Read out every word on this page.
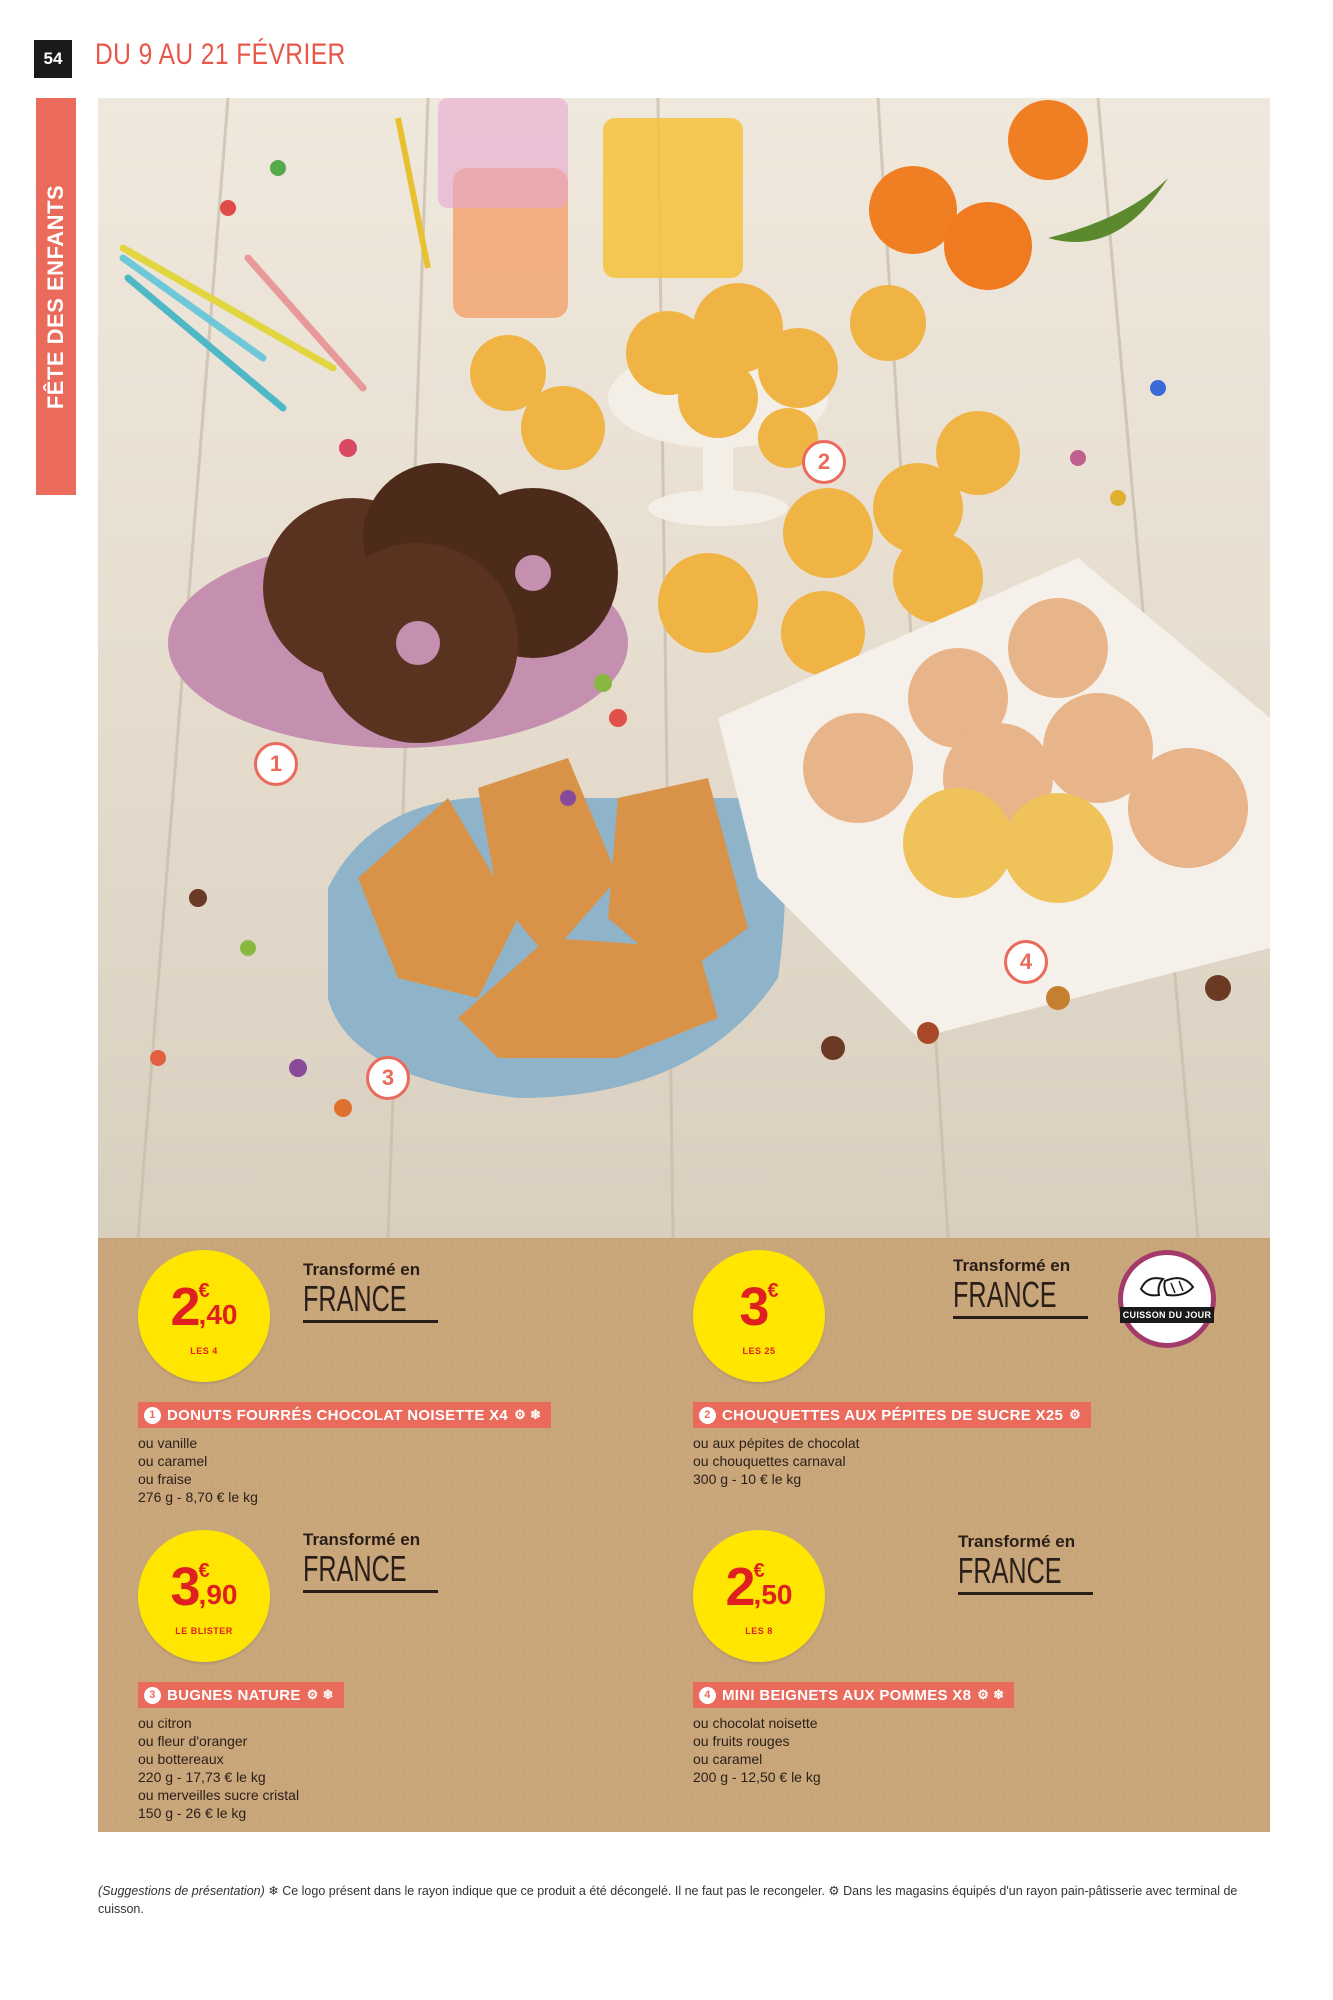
54	DU 9 AU 21 FÉVRIER
FÊTE DES ENFANTS
1
2
3
4
2 €
,40
LES 4
Transformé en
FRANCE
1 DONUTS FOURRÉS CHOCOLAT NOISETTE X4 ⚙ ❄
ou vanille
ou caramel
ou fraise
276 g - 8,70 € le kg
3 €
LES 25
Transformé en
FRANCE
2 CHOUQUETTES AUX PÉPITES DE SUCRE X25 ⚙
ou aux pépites de chocolat
ou chouquettes carnaval
300 g - 10 € le kg
CUISSON DU JOUR
3 €
,90
LE BLISTER
Transformé en
FRANCE
3 BUGNES NATURE ⚙ ❄
ou citron
ou fleur d'oranger
ou bottereaux
220 g - 17,73 € le kg
ou merveilles sucre cristal
150 g - 26 € le kg
2 €
,50
LES 8
Transformé en
FRANCE
4 MINI BEIGNETS AUX POMMES X8 ⚙ ❄
ou chocolat noisette
ou fruits rouges
ou caramel
200 g - 12,50 € le kg
(Suggestions de présentation) ❄ Ce logo présent dans le rayon indique que ce produit a été décongelé. Il ne faut pas le recongeler. ⚙ Dans les magasins équipés d'un rayon pain-pâtisserie avec terminal de cuisson.
